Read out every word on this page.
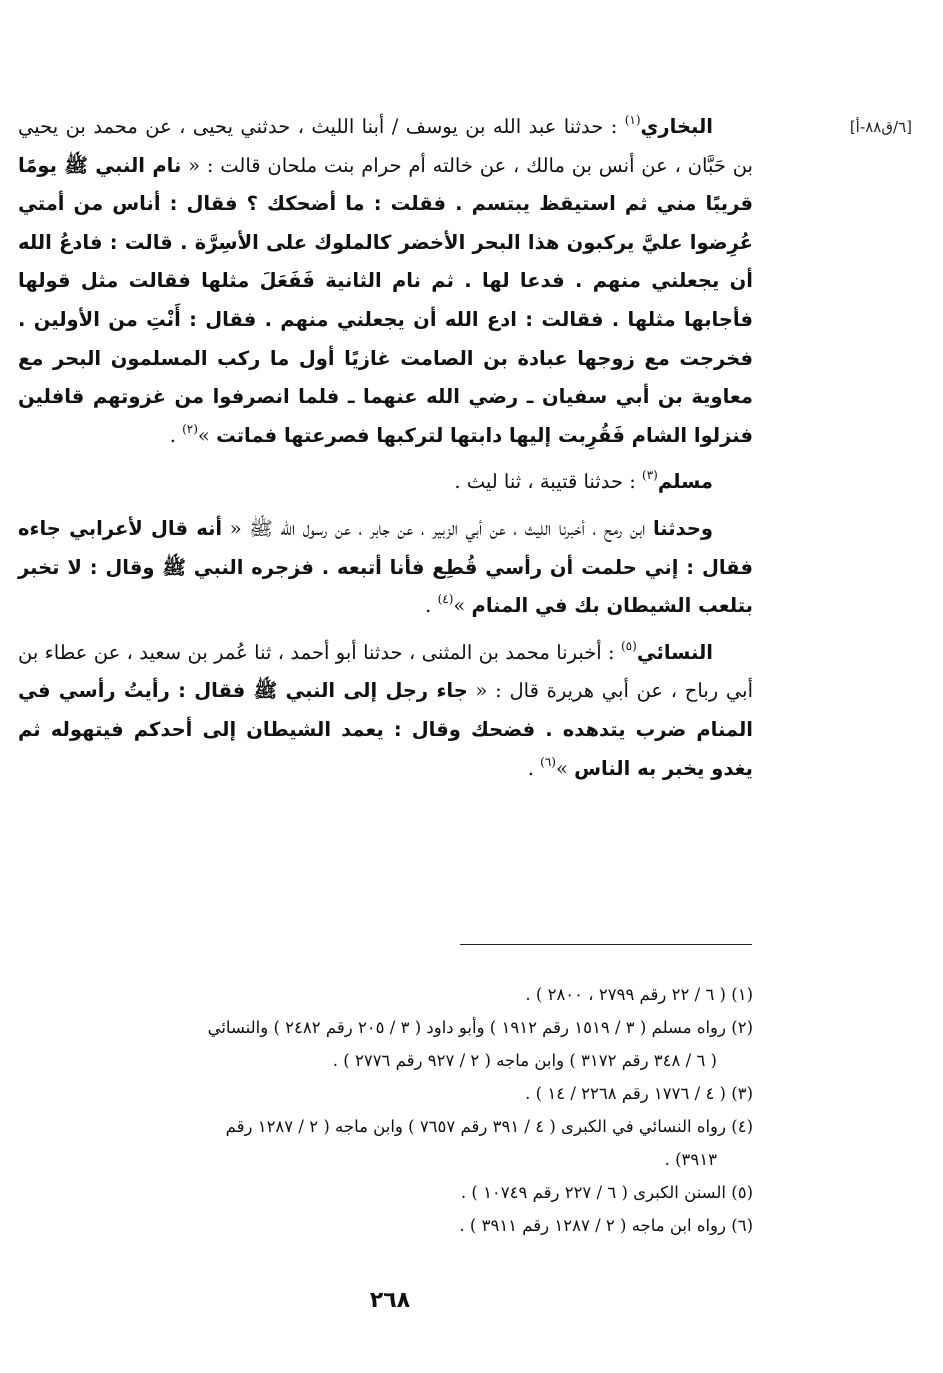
[٦/ق٨٨-أ]

البخاري$^{(١)}$ : حدثنا عبد الله بن يوسف / أبنا الليث ، حدثني يحيى ، عن محمد بن يحيي بن حَبَّان ، عن أنس بن مالك ، عن خالته أم حرام بنت ملحان قالت : « نام النبي ﷺ يومًا قريبًا مني ثم استيقظ يبتسم . فقلت : ما أضحكك ؟ فقال : أناس من أمتي عُرِضوا عليَّ يركبون هذا البحر الأخضر كالملوك على الأسِرَّة . قالت : فادعُ الله أن يجعلني منهم . فدعا لها . ثم نام الثانية فَفَعَلَ مثلها فقالت مثل قولها فأجابها مثلها . فقالت : ادع الله أن يجعلني منهم . فقال : أَنْتِ من الأولين . فخرجت مع زوجها عبادة بن الصامت غازيًا أول ما ركب المسلمون البحر مع معاوية بن أبي سفيان ـ رضي الله عنهما ـ فلما انصرفوا من غزوتهم قافلين فنزلوا الشام فَقُرِبت إليها دابتها لتركبها فصرعتها فماتت »$^{(٢)}$ .

مسلم$^{(٣)}$ : حدثنا قتيبة ، ثنا ليث .

وحدثنا ابن رمح ، أخبرنا الليث ، عن أبي الزبير ، عن جابر ، عن رسول الله ﷺ « أنه قال لأعرابي جاءه فقال : إني حلمت أن رأسي قُطِع فأنا أتبعه . فزجره النبي ﷺ وقال : لا تخبر بتلعب الشيطان بك في المنام »$^{(٤)}$ .

النسائي$^{(٥)}$ : أخبرنا محمد بن المثنى ، حدثنا أبو أحمد ، ثنا عُمر بن سعيد ، عن عطاء بن أبي رباح ، عن أبي هريرة قال : « جاء رجل إلى النبي ﷺ فقال : رأيتُ رأسي في المنام ضرب يتدهده . فضحك وقال : يعمد الشيطان إلى أحدكم فيتهوله ثم يغدو يخبر به الناس »$^{(٦)}$ .

(١) ( ٦ / ٢٢ رقم ٢٧٩٩ ، ٢٨٠٠ ) .

(٢) رواه مسلم ( ٣ / ١٥١٩ رقم ١٩١٢ ) وأبو داود ( ٣ / ٢٠٥ رقم ٢٤٨٢ ) والنسائي

( ٦ / ٣٤٨ رقم ٣١٧٢ ) وابن ماجه ( ٢ / ٩٢٧ رقم ٢٧٧٦ ) .

(٣) ( ٤ / ١٧٧٦ رقم ٢٢٦٨ / ١٤ ) .

(٤) رواه النسائي في الكبرى ( ٤ / ٣٩١ رقم ٧٦٥٧ ) وابن ماجه ( ٢ / ١٢٨٧ رقم

٣٩١٣) .

(٥) السنن الكبرى ( ٦ / ٢٢٧ رقم ١٠٧٤٩ ) .

(٦) رواه ابن ماجه ( ٢ / ١٢٨٧ رقم ٣٩١١ ) .

٢٦٨
